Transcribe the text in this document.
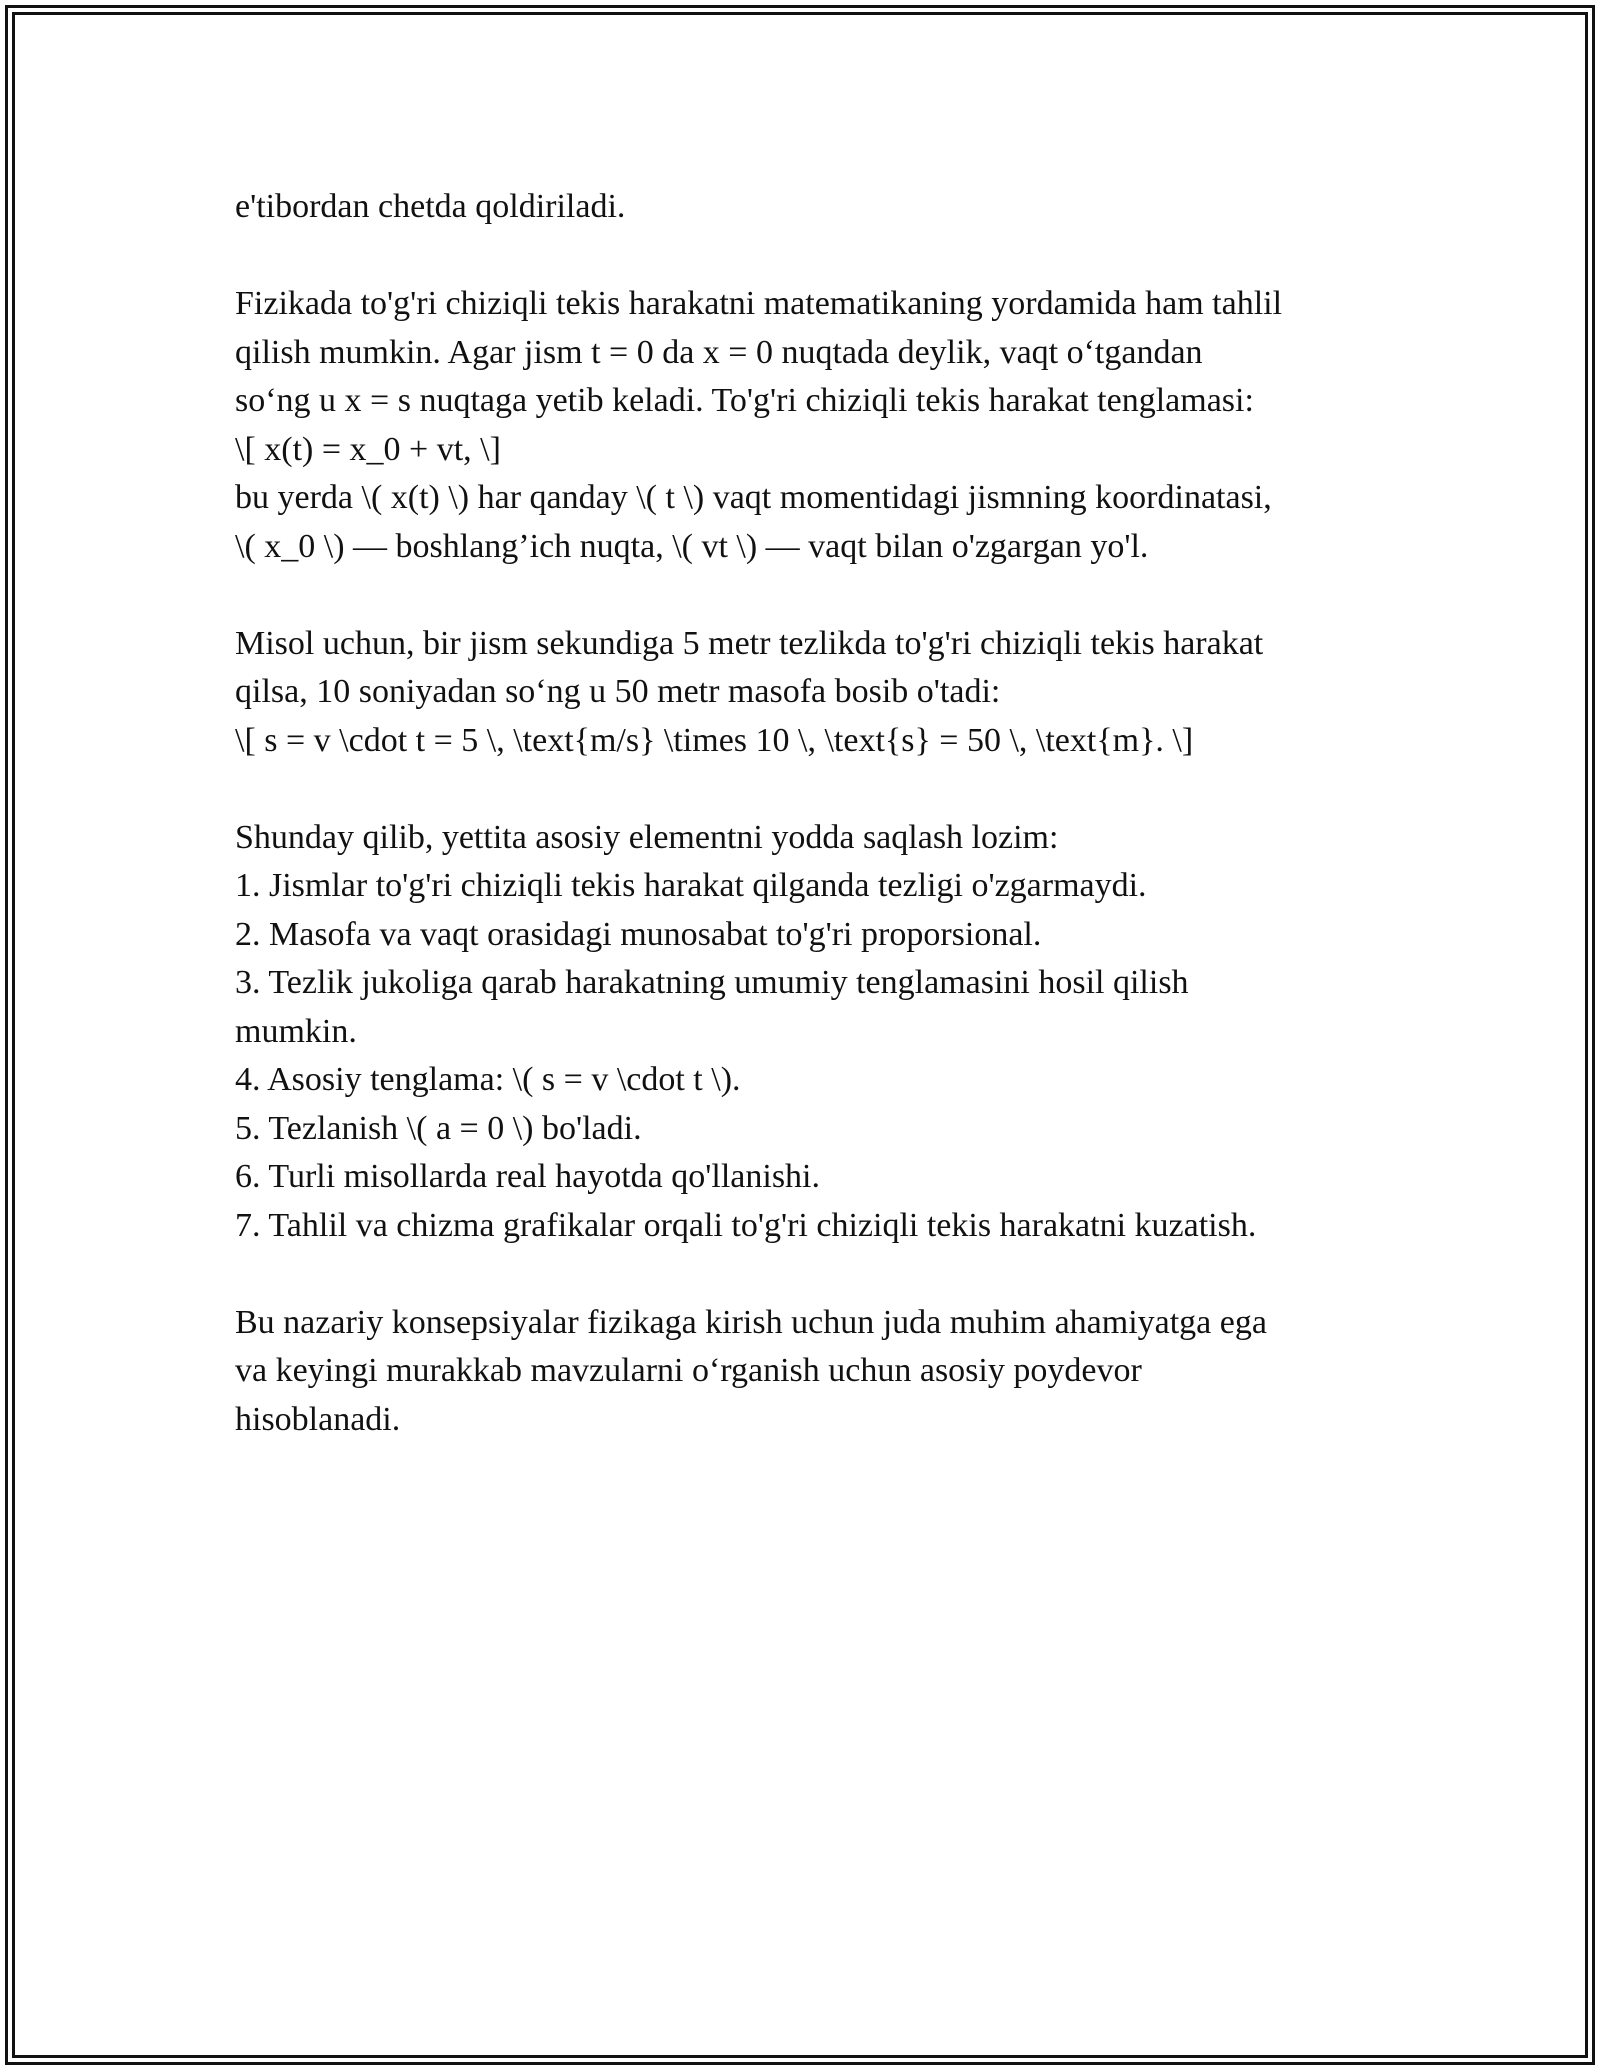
e'tibordan chetda qoldiriladi.

Fizikada to'g'ri chiziqli tekis harakatni matematikaning yordamida ham tahlil
qilish mumkin. Agar jism t = 0 da x = 0 nuqtada deylik, vaqt o‘tgandan
so‘ng u x = s nuqtaga yetib keladi. To'g'ri chiziqli tekis harakat tenglamasi:
\[ x(t) = x_0 + vt, \]
bu yerda \( x(t) \) har qanday \( t \) vaqt momentidagi jismning koordinatasi,
\( x_0 \) — boshlang’ich nuqta, \( vt \) — vaqt bilan o'zgargan yo'l.

Misol uchun, bir jism sekundiga 5 metr tezlikda to'g'ri chiziqli tekis harakat
qilsa, 10 soniyadan so‘ng u 50 metr masofa bosib o'tadi:
\[ s = v \cdot t = 5 \, \text{m/s} \times 10 \, \text{s} = 50 \, \text{m}. \]

Shunday qilib, yettita asosiy elementni yodda saqlash lozim:
1. Jismlar to'g'ri chiziqli tekis harakat qilganda tezligi o'zgarmaydi.
2. Masofa va vaqt orasidagi munosabat to'g'ri proporsional.
3. Tezlik jukoliga qarab harakatning umumiy tenglamasini hosil qilish
mumkin.
4. Asosiy tenglama: \( s = v \cdot t \).
5. Tezlanish \( a = 0 \) bo'ladi.
6. Turli misollarda real hayotda qo'llanishi.
7. Tahlil va chizma grafikalar orqali to'g'ri chiziqli tekis harakatni kuzatish.

Bu nazariy konsepsiyalar fizikaga kirish uchun juda muhim ahamiyatga ega
va keyingi murakkab mavzularni o‘rganish uchun asosiy poydevor
hisoblanadi.
